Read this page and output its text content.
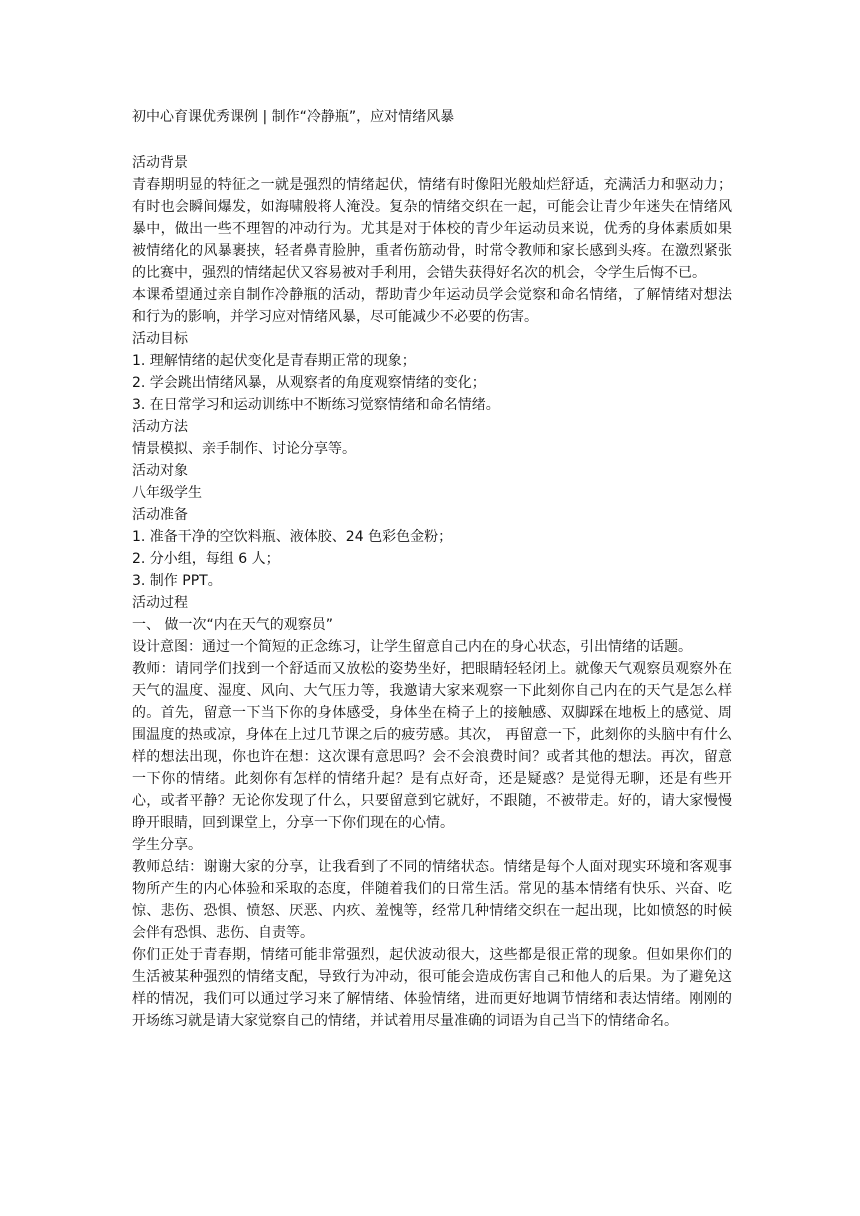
初中心育课优秀课例 | 制作“冷静瓶”，应对情绪风暴

活动背景

青春期明显的特征之一就是强烈的情绪起伏，情绪有时像阳光般灿烂舒适，充满活力和驱动力；有时也会瞬间爆发，如海啸般将人淹没。复杂的情绪交织在一起，可能会让青少年迷失在情绪风暴中，做出一些不理智的冲动行为。尤其是对于体校的青少年运动员来说，优秀的身体素质如果被情绪化的风暴裹挟，轻者鼻青脸肿，重者伤筋动骨，时常令教师和家长感到头疼。在激烈紧张的比赛中，强烈的情绪起伏又容易被对手利用，会错失获得好名次的机会，令学生后悔不已。

本课希望通过亲自制作冷静瓶的活动，帮助青少年运动员学会觉察和命名情绪，了解情绪对想法和行为的影响，并学习应对情绪风暴，尽可能减少不必要的伤害。

活动目标

1. 理解情绪的起伏变化是青春期正常的现象；

2. 学会跳出情绪风暴，从观察者的角度观察情绪的变化；

3. 在日常学习和运动训练中不断练习觉察情绪和命名情绪。

活动方法

情景模拟、亲手制作、讨论分享等。

活动对象

八年级学生

活动准备

1. 准备干净的空饮料瓶、液体胶、24 色彩色金粉；

2. 分小组，每组 6 人；

3. 制作 PPT。

活动过程

一、 做一次“内在天气的观察员”

设计意图：通过一个简短的正念练习，让学生留意自己内在的身心状态，引出情绪的话题。

教师：请同学们找到一个舒适而又放松的姿势坐好，把眼睛轻轻闭上。就像天气观察员观察外在天气的温度、湿度、风向、大气压力等，我邀请大家来观察一下此刻你自己内在的天气是怎么样的。首先，留意一下当下你的身体感受，身体坐在椅子上的接触感、双脚踩在地板上的感觉、周围温度的热或凉，身体在上过几节课之后的疲劳感。其次， 再留意一下，此刻你的头脑中有什么样的想法出现，你也许在想：这次课有意思吗？会不会浪费时间？或者其他的想法。再次，留意一下你的情绪。此刻你有怎样的情绪升起？是有点好奇，还是疑惑？是觉得无聊，还是有些开心，或者平静？无论你发现了什么，只要留意到它就好，不跟随，不被带走。好的，请大家慢慢睁开眼睛，回到课堂上，分享一下你们现在的心情。

学生分享。

教师总结：谢谢大家的分享，让我看到了不同的情绪状态。情绪是每个人面对现实环境和客观事物所产生的内心体验和采取的态度，伴随着我们的日常生活。常见的基本情绪有快乐、兴奋、吃惊、悲伤、恐惧、愤怒、厌恶、内疚、羞愧等，经常几种情绪交织在一起出现，比如愤怒的时候会伴有恐惧、悲伤、自责等。

你们正处于青春期，情绪可能非常强烈，起伏波动很大，这些都是很正常的现象。但如果你们的生活被某种强烈的情绪支配，导致行为冲动，很可能会造成伤害自己和他人的后果。为了避免这样的情况，我们可以通过学习来了解情绪、体验情绪，进而更好地调节情绪和表达情绪。刚刚的开场练习就是请大家觉察自己的情绪，并试着用尽量准确的词语为自己当下的情绪命名。
